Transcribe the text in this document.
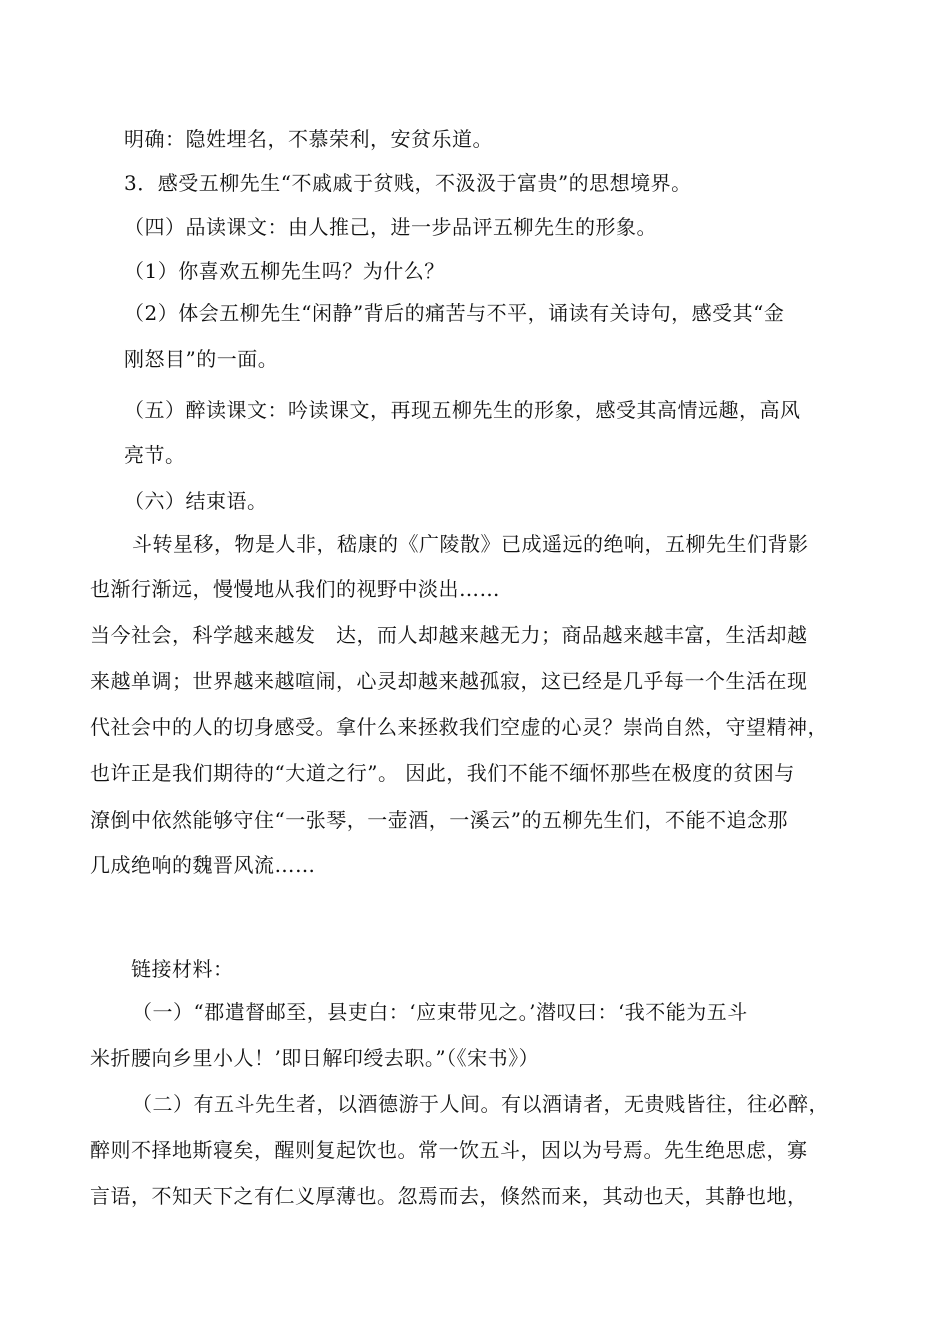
明确：隐姓埋名，不慕荣利，安贫乐道。
3．感受五柳先生“不戚戚于贫贱，不汲汲于富贵”的思想境界。
（四）品读课文：由人推己，进一步品评五柳先生的形象。
（1）你喜欢五柳先生吗？为什么？
（2）体会五柳先生“闲静”背后的痛苦与不平，诵读有关诗句，感受其“金
刚怒目”的一面。
（五）醉读课文：吟读课文，再现五柳先生的形象，感受其高情远趣，高风
亮节。
（六）结束语。
斗转星移，物是人非，嵇康的《广陵散》已成遥远的绝响，五柳先生们背影
也渐行渐远，慢慢地从我们的视野中淡出……
当今社会，科学越来越发　达，而人却越来越无力；商品越来越丰富，生活却越
来越单调；世界越来越喧闹，心灵却越来越孤寂，这已经是几乎每一个生活在现
代社会中的人的切身感受。拿什么来拯救我们空虚的心灵？崇尚自然，守望精神，
也许正是我们期待的“大道之行”。 因此，我们不能不缅怀那些在极度的贫困与
潦倒中依然能够守住“一张琴，一壶酒，一溪云”的五柳先生们，不能不追念那
几成绝响的魏晋风流……
链接材料：
（一）“郡遣督邮至，县吏白：‘应束带见之。’潜叹曰：‘我不能为五斗
米折腰向乡里小人！’即日解印绶去职。”（《宋书》）
（二）有五斗先生者，以酒德游于人间。有以酒请者，无贵贱皆往，往必醉，
醉则不择地斯寝矣，醒则复起饮也。常一饮五斗，因以为号焉。先生绝思虑，寡
言语，不知天下之有仁义厚薄也。忽焉而去，倏然而来，其动也天，其静也地，
